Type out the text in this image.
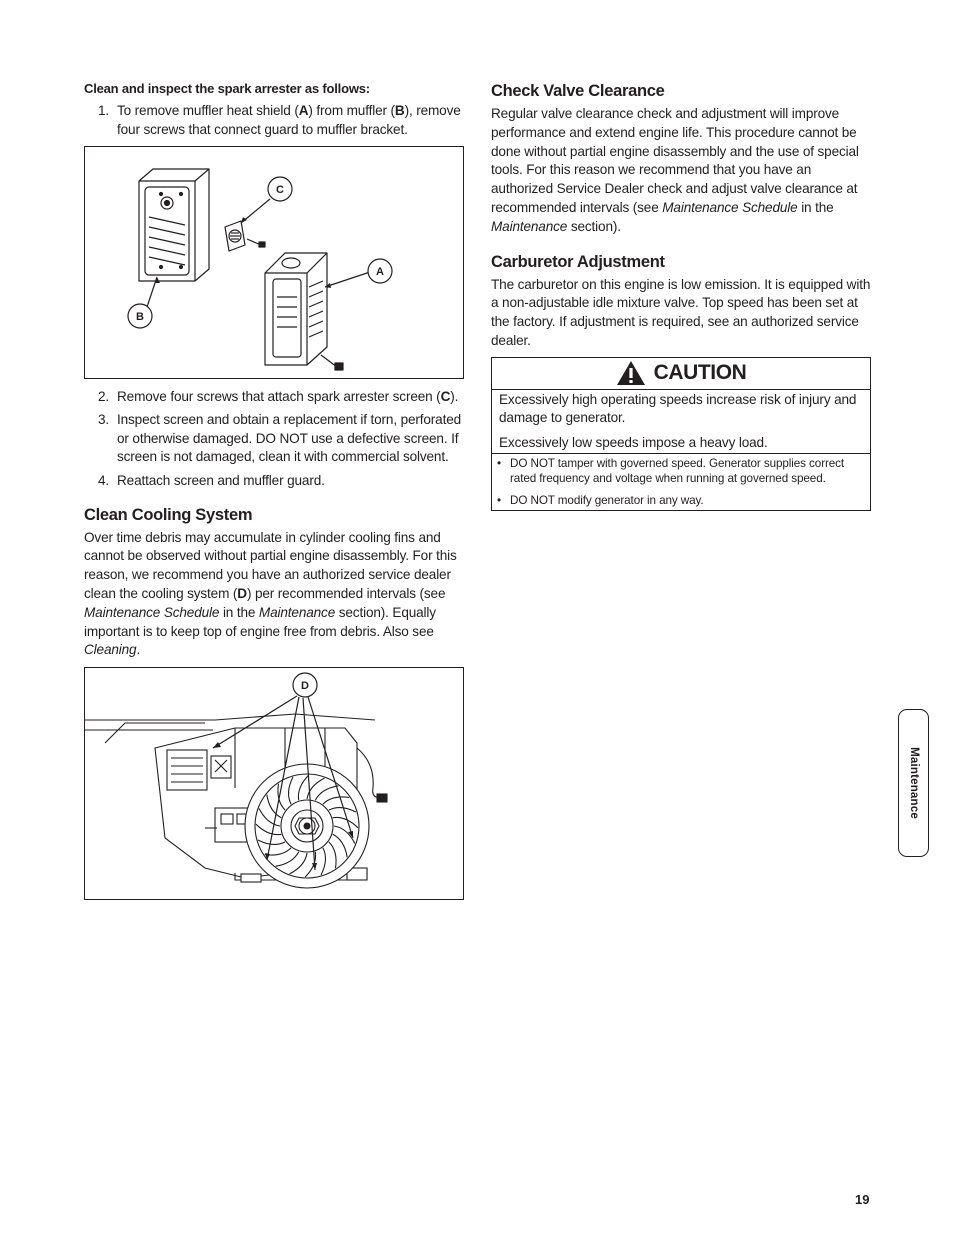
Clean and inspect the spark arrester as follows:
1. To remove muffler heat shield (A) from muffler (B), remove four screws that connect guard to muffler bracket.
C
A
B
2. Remove four screws that attach spark arrester screen (C).
3. Inspect screen and obtain a replacement if torn, perforated or otherwise damaged. DO NOT use a defective screen. If screen is not damaged, clean it with commercial solvent.
4. Reattach screen and muffler guard.
Clean Cooling System

Over time debris may accumulate in cylinder cooling fins and cannot be observed without partial engine disassembly. For this reason, we recommend you have an authorized service dealer clean the cooling system (D) per recommended intervals (see Maintenance Schedule in the Maintenance section). Equally important is to keep top of engine free from debris. Also see Cleaning.

D
Check Valve Clearance

Regular valve clearance check and adjustment will improve performance and extend engine life. This procedure cannot be done without partial engine disassembly and the use of special tools. For this reason we recommend that you have an authorized Service Dealer check and adjust valve clearance at recommended intervals (see Maintenance Schedule in the Maintenance section).

Carburetor Adjustment

The carburetor on this engine is low emission. It is equipped with a non-adjustable idle mixture valve. Top speed has been set at the factory. If adjustment is required, see an authorized service dealer.

CAUTION

Excessively high operating speeds increase risk of injury and damage to generator.

Excessively low speeds impose a heavy load.

• DO NOT tamper with governed speed. Generator supplies correct rated frequency and voltage when running at governed speed.
• DO NOT modify generator in any way.
Maintenance
19
